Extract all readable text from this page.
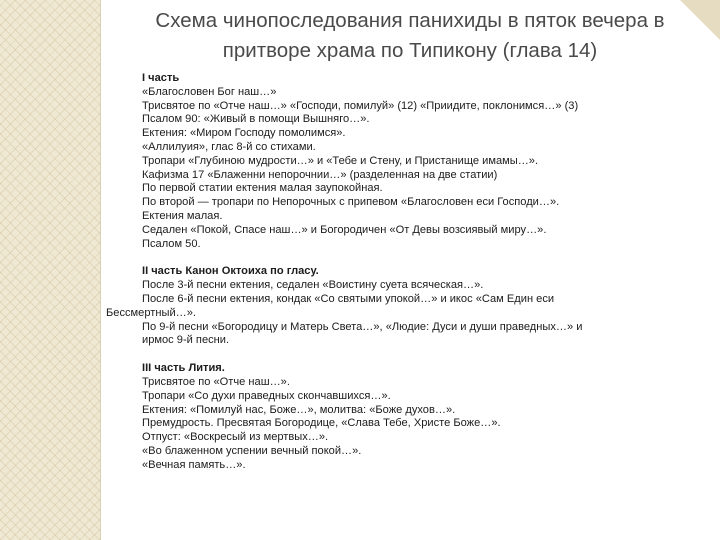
Схема чинопоследования панихиды в пяток вечера в
притворе храма по Типикону (глава 14)
I часть
«Благословен Бог наш…»
Трисвятое по «Отче наш…» «Господи, помилуй» (12) «Приидите, поклонимся…» (3)
Псалом 90: «Живый в помощи Вышняго…».
Ектения: «Миром Господу помолимся».
«Аллилуия», глас 8-й со стихами.
Тропари «Глубиною мудрости…» и «Тебе и Стену, и Пристанище имамы…».
Кафизма 17 «Блаженни непорочнии…» (разделенная на две статии)
По первой статии ектения малая заупокойная.
По второй — тропари по Непорочных с припевом «Благословен еси Господи…».
Ектения малая.
Седален «Покой, Спасе наш…» и Богородичен «От Девы возсиявый миру…».
Псалом 50.
II часть Канон Октоиха по гласу.
После 3-й песни ектения, седален «Воистину суета всяческая…».
После 6-й песни ектения, кондак «Со святыми упокой…» и икос «Сам Един еси
Бессмертный…».
По 9-й песни «Богородицу и Матерь Света…», «Людие: Дуси и души праведных…» и
ирмос 9-й песни.
III часть Лития.
Трисвятое по «Отче наш…».
Тропари «Со духи праведных скончавшихся…».
Ектения: «Помилуй нас, Боже…», молитва: «Боже духов…».
Премудрость. Пресвятая Богородице, «Слава Тебе, Христе Боже…».
Отпуст: «Воскресый из мертвых…».
«Во блаженном успении вечный покой…».
«Вечная память…».
